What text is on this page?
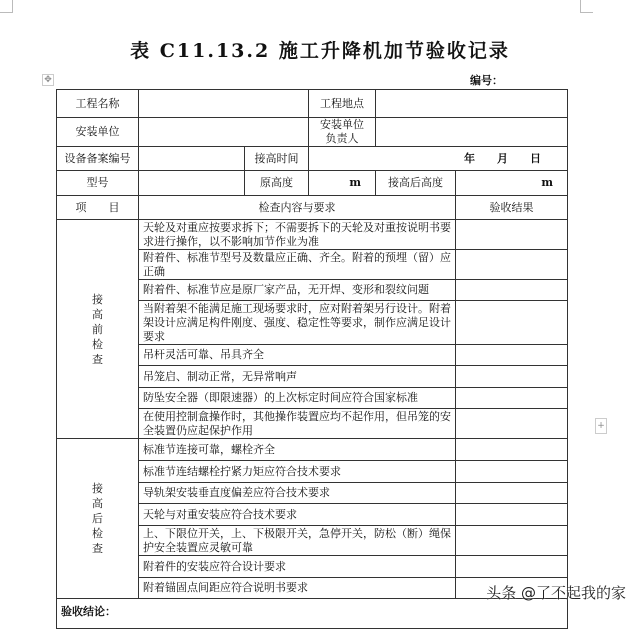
表 C11.13.2 施工升降机加节验收记录
✥	编号：
+
工程名称			工程地点		
安装单位			安装单位负责人		
设备备案编号		接高时间	年　　月　　日		
型号		原高度	m	接高后高度	m
项　　目	检查内容与要求				验收结果

接高前检查	天轮及对重应按要求拆下；不需要拆下的天轮及对重按说明书要求进行操作，以不影响加节作业为准				
	附着件、标准节型号及数量应正确、齐全。附着的预埋（留）应正确				
	附着件、标准节应是原厂家产品，无开焊、变形和裂纹问题				
	当附着架不能满足施工现场要求时，应对附着架另行设计。附着架设计应满足构件刚度、强度、稳定性等要求，制作应满足设计要求				
	吊杆灵活可靠、吊具齐全				
	吊笼启、制动正常，无异常响声				
	防坠安全器（即限速器）的上次标定时间应符合国家标准				
	在使用控制盒操作时，其他操作装置应均不起作用，但吊笼的安全装置仍应起保护作用				

接高后检查	标准节连接可靠，螺栓齐全				
	标准节连结螺栓拧紧力矩应符合技术要求				
	导轨架安装垂直度偏差应符合技术要求				
	天轮与对重安装应符合技术要求				
	上、下限位开关，上、下极限开关，急停开关，防松（断）绳保护安全装置应灵敏可靠				
	附着件的安装应符合设计要求				
	附着锚固点间距应符合说明书要求				
验收结论：					
头条 @了不起我的家
